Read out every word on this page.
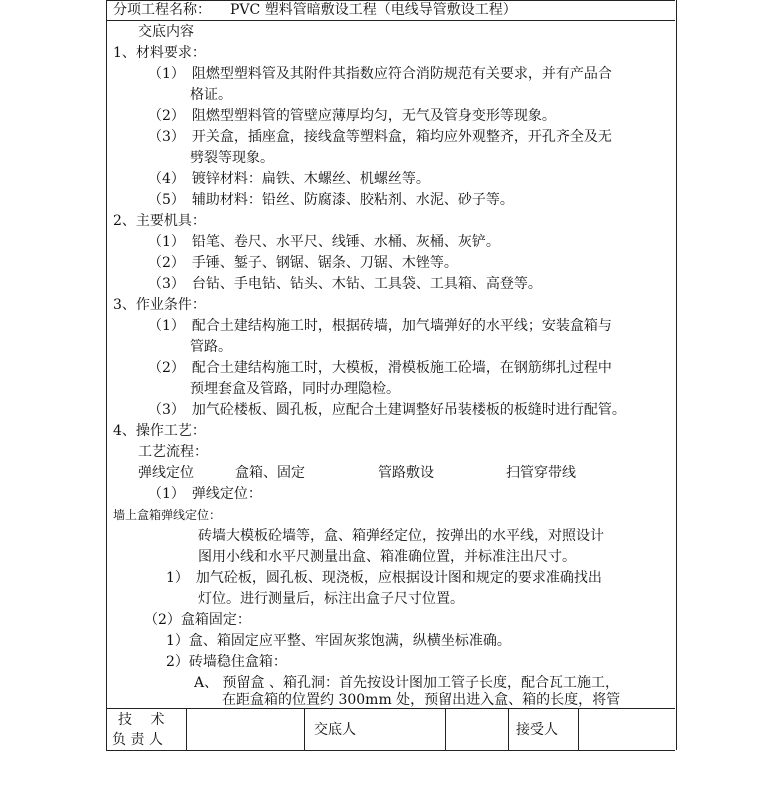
分项工程名称： PVC 塑料管暗敷设工程（电线导管敷设工程）
交底内容
1、材料要求：
（1）　阻燃型塑料管及其附件其指数应符合消防规范有关要求，并有产品合
格证。
（2）　阻燃型塑料管的管壁应薄厚均匀，无气及管身变形等现象。
（3）　开关盒，插座盒，接线盒等塑料盒，箱均应外观整齐，开孔齐全及无
劈裂等现象。
（4）　镀锌材料：扁铁、木螺丝、机螺丝等。
（5）　辅助材料：铅丝、防腐漆、胶粘剂、水泥、砂子等。
2、主要机具：
（1）　铅笔、卷尺、水平尺、线锤、水桶、灰桶、灰铲。
（2）　手锤、錾子、钢锯、锯条、刀锯、木锉等。
（3）　台钻、手电钻、钻头、木钻、工具袋、工具箱、高登等。
3、作业条件：
（1）　配合土建结构施工时，根据砖墙，加气墙弹好的水平线；安装盒箱与
管路。
（2）　配合土建结构施工时，大模板，滑模板施工砼墙，在钢筋绑扎过程中
预埋套盒及管路，同时办理隐检。
（3）　加气砼楼板、圆孔板，应配合土建调整好吊装楼板的板缝时进行配管。
4、操作工艺：
工艺流程：
弹线定位	盒箱、固定	管路敷设	扫管穿带线
（1）　弹线定位：
墙上盒箱弹线定位：
砖墙大模板砼墙等，盒、箱弹经定位，按弹出的水平线，对照设计
图用小线和水平尺测量出盒、箱准确位置，并标准注出尺寸。
1）　加气砼板，圆孔板、现浇板，应根据设计图和规定的要求准确找出
灯位。进行测量后，标注出盒子尺寸位置。
（2）盒箱固定：
1）盒、箱固定应平整、牢固灰浆饱满，纵横坐标准确。
2）砖墙稳住盒箱：
A、 预留盒 、箱孔洞：首先按设计图加工管子长度，配合瓦工施工，
在距盒箱的位置约 300mm 处，预留出进入盒、箱的长度，将管
技　 术
负 责 人
交底人	接受人
